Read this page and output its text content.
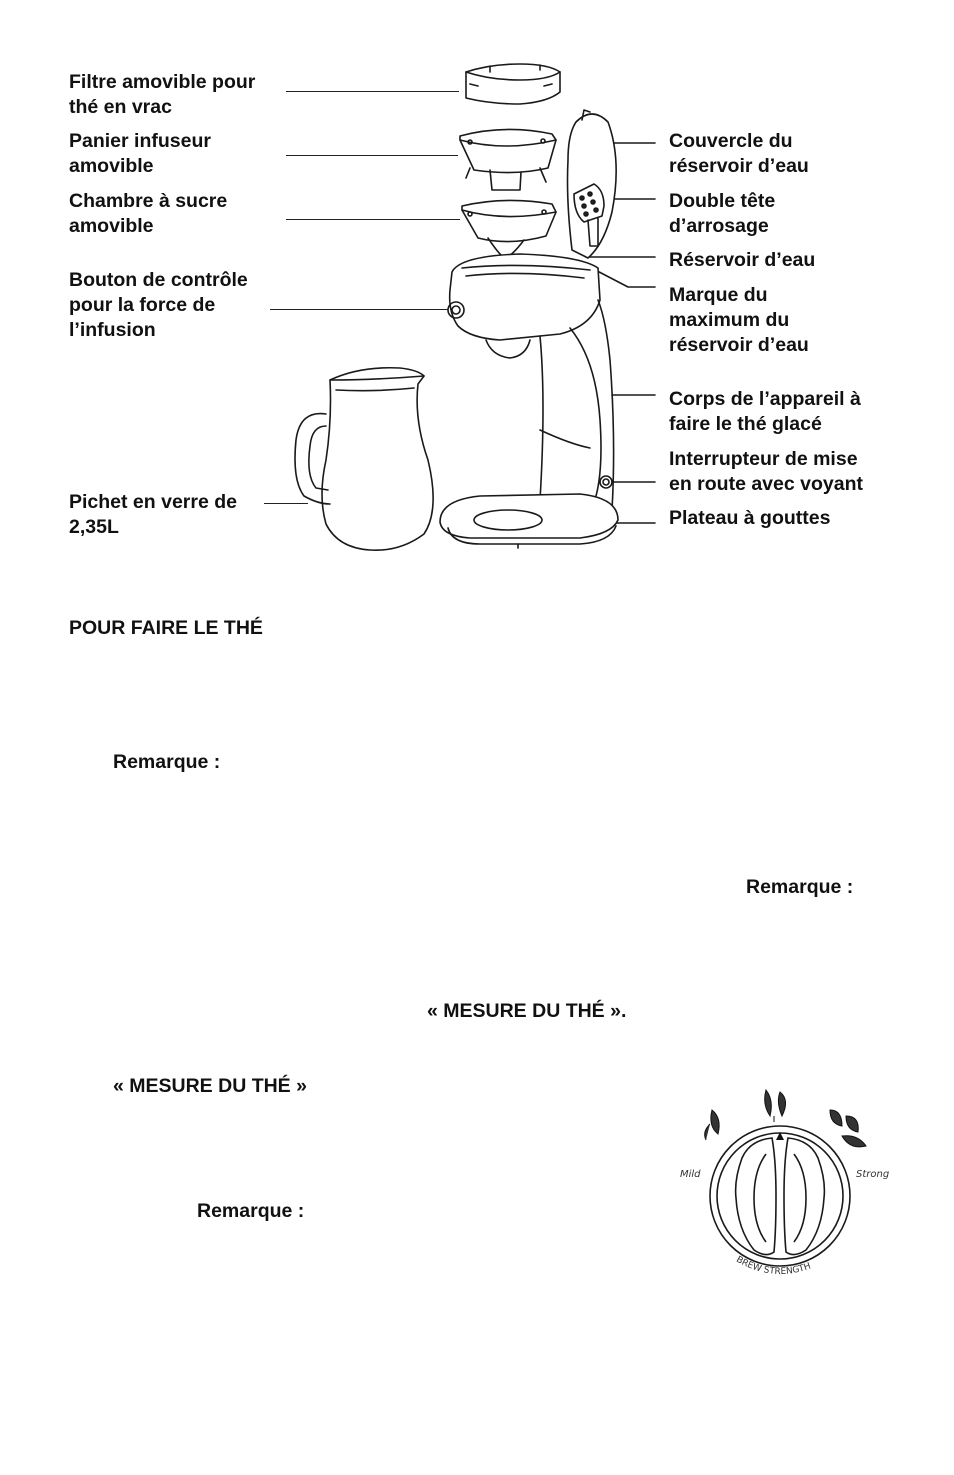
Filtre amovible pour
thé en vrac
Panier infuseur
amovible
Chambre à sucre
amovible
Bouton de contrôle
pour la force de
l’infusion
Pichet en verre de
2,35L
Couvercle du
réservoir d’eau
Double tête
d’arrosage
Réservoir d’eau
Marque du
maximum du
réservoir d’eau
Corps de l’appareil à
faire le thé glacé
Interrupteur de mise
en route avec voyant
Plateau à gouttes
POUR FAIRE LE THÉ
Remarque :
Remarque :
« MESURE DU THÉ ».
« MESURE DU THÉ »
Remarque :
Mild	Strong
BREW STRENGTH
